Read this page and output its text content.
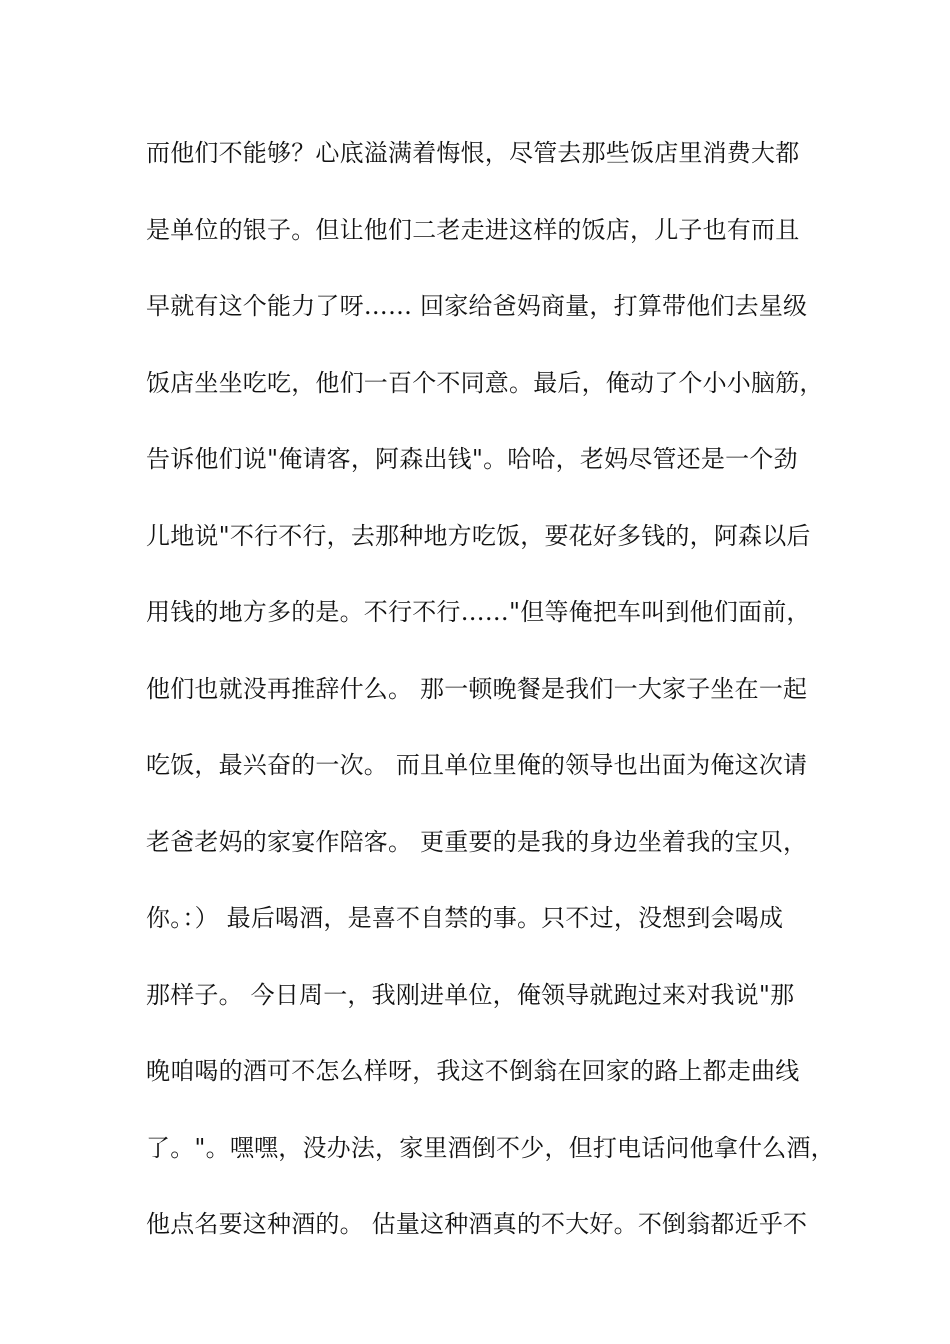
而他们不能够？心底溢满着悔恨，尽管去那些饭店里消费大都
是单位的银子。但让他们二老走进这样的饭店，儿子也有而且
早就有这个能力了呀…… 回家给爸妈商量，打算带他们去星级
饭店坐坐吃吃，他们一百个不同意。最后，俺动了个小小脑筋，
告诉他们说"俺请客，阿森出钱"。哈哈，老妈尽管还是一个劲
儿地说"不行不行，去那种地方吃饭，要花好多钱的，阿森以后
用钱的地方多的是。不行不行……"但等俺把车叫到他们面前，
他们也就没再推辞什么。 那一顿晚餐是我们一大家子坐在一起
吃饭，最兴奋的一次。 而且单位里俺的领导也出面为俺这次请
老爸老妈的家宴作陪客。 更重要的是我的身边坐着我的宝贝，
你。：） 最后喝酒，是喜不自禁的事。只不过，没想到会喝成
那样子。 今日周一，我刚进单位，俺领导就跑过来对我说"那
晚咱喝的酒可不怎么样呀，我这不倒翁在回家的路上都走曲线
了。"。嘿嘿，没办法，家里酒倒不少，但打电话问他拿什么酒，
他点名要这种酒的。 估量这种酒真的不大好。不倒翁都近乎不
